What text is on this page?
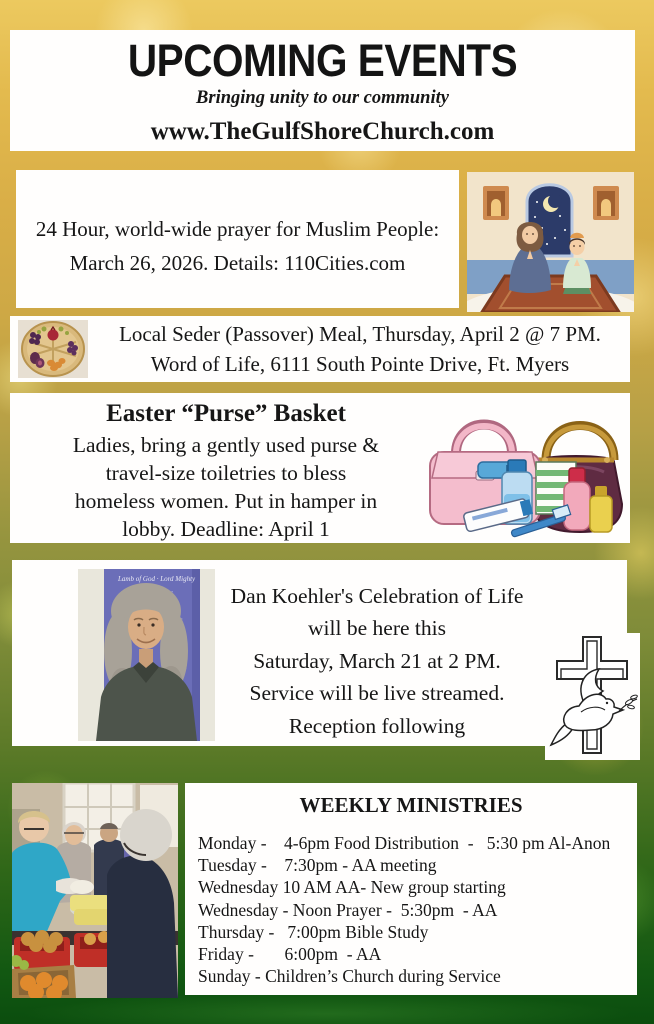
UPCOMING EVENTS
Bringing unity to our community
www.TheGulfShoreChurch.com
24 Hour, world-wide prayer for Muslim People:
March 26, 2026. Details: 110Cities.com
Local Seder (Passover) Meal, Thursday, April 2 @ 7 PM.
Word of Life, 6111 South Pointe Drive, Ft. Myers
Easter “Purse” Basket
Ladies, bring a gently used purse &
travel-size toiletries to bless
homeless women. Put in hamper in
lobby. Deadline: April 1
Lamb of God · Lord Mighty
Dan Koehler's Celebration of Life
will be here this
Saturday, March 21 at 2 PM.
Service will be live streamed.
Reception following
WEEKLY MINISTRIES
Monday -    4-6pm Food Distribution  -   5:30 pm Al-Anon
Tuesday -    7:30pm - AA meeting
Wednesday 10 AM AA- New group starting
Wednesday - Noon Prayer -  5:30pm  - AA
Thursday -   7:00pm Bible Study
Friday -       6:00pm  - AA
Sunday - Children’s Church during Service
